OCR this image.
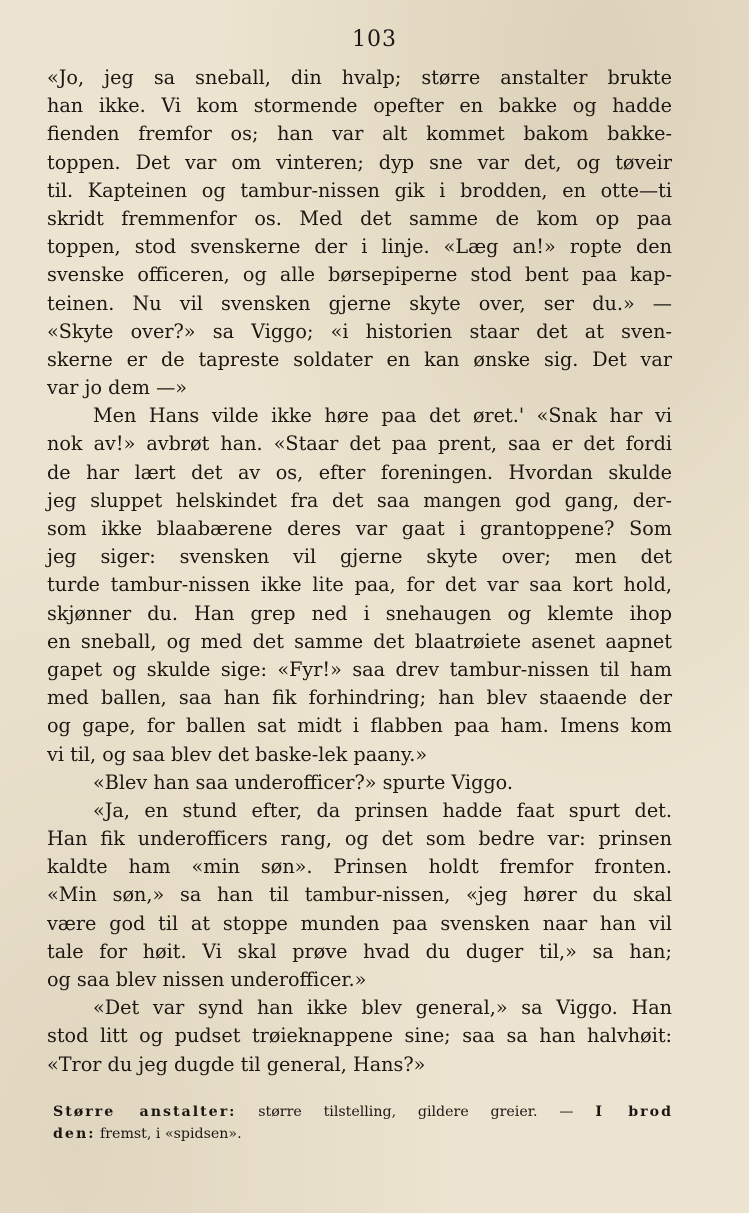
103
«Jo, jeg sa sneball, din hvalp; større anstalter brukte
han ikke. Vi kom stormende opefter en bakke og hadde
fienden fremfor os; han var alt kommet bakom bakke-
toppen. Det var om vinteren; dyp sne var det, og tøveir
til. Kapteinen og tambur-nissen gik i brodden, en otte—ti
skridt fremmenfor os. Med det samme de kom op paa
toppen, stod svenskerne der i linje. «Læg an!» ropte den
svenske officeren, og alle børsepiperne stod bent paa kap-
teinen. Nu vil svensken gjerne skyte over, ser du.» —
«Skyte over?» sa Viggo; «i historien staar det at sven-
skerne er de tapreste soldater en kan ønske sig. Det var
var jo dem —»
Men Hans vilde ikke høre paa det øret.' «Snak har vi
nok av!» avbrøt han. «Staar det paa prent, saa er det fordi
de har lært det av os, efter foreningen. Hvordan skulde
jeg sluppet helskindet fra det saa mangen god gang, der-
som ikke blaabærene deres var gaat i grantoppene? Som
jeg siger: svensken vil gjerne skyte over; men det
turde tambur-nissen ikke lite paa, for det var saa kort hold,
skjønner du. Han grep ned i snehaugen og klemte ihop
en sneball, og med det samme det blaatrøiete asenet aapnet
gapet og skulde sige: «Fyr!» saa drev tambur-nissen til ham
med ballen, saa han fik forhindring; han blev staaende der
og gape, for ballen sat midt i flabben paa ham. Imens kom
vi til, og saa blev det baske-lek paany.»
«Blev han saa underofficer?» spurte Viggo.
«Ja, en stund efter, da prinsen hadde faat spurt det.
Han fik underofficers rang, og det som bedre var: prinsen
kaldte ham «min søn». Prinsen holdt fremfor fronten.
«Min søn,» sa han til tambur-nissen, «jeg hører du skal
være god til at stoppe munden paa svensken naar han vil
tale for høit. Vi skal prøve hvad du duger til,» sa han;
og saa blev nissen underofficer.»
«Det var synd han ikke blev general,» sa Viggo. Han
stod litt og pudset trøieknappene sine; saa sa han halvhøit:
«Tror du jeg dugde til general, Hans?»
Større anstalter: større tilstelling, gildere greier. — I brod
den: fremst, i «spidsen».
